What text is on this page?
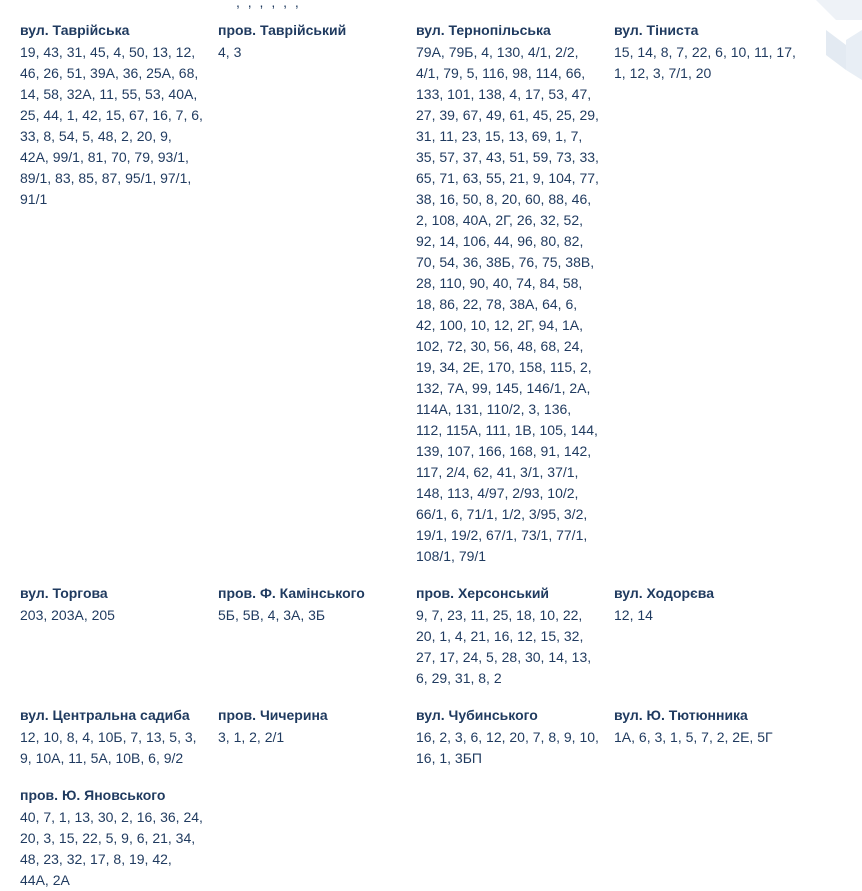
, , , , , ,
вул. Таврійська
19, 43, 31, 45, 4, 50, 13, 12, 46, 26, 51, 39А, 36, 25А, 68, 14, 58, 32А, 11, 55, 53, 40А, 25, 44, 1, 42, 15, 67, 16, 7, 6, 33, 8, 54, 5, 48, 2, 20, 9, 42А, 99/1, 81, 70, 79, 93/1, 89/1, 83, 85, 87, 95/1, 97/1, 91/1
пров. Таврійський
4, 3
вул. Тернопільська
79А, 79Б, 4, 130, 4/1, 2/2, 4/1, 79, 5, 116, 98, 114, 66, 133, 101, 138, 4, 17, 53, 47, 27, 39, 67, 49, 61, 45, 25, 29, 31, 11, 23, 15, 13, 69, 1, 7, 35, 57, 37, 43, 51, 59, 73, 33, 65, 71, 63, 55, 21, 9, 104, 77, 38, 16, 50, 8, 20, 60, 88, 46, 2, 108, 40А, 2Г, 26, 32, 52, 92, 14, 106, 44, 96, 80, 82, 70, 54, 36, 38Б, 76, 75, 38В, 28, 110, 90, 40, 74, 84, 58, 18, 86, 22, 78, 38А, 64, 6, 42, 100, 10, 12, 2Г, 94, 1А, 102, 72, 30, 56, 48, 68, 24, 19, 34, 2Е, 170, 158, 115, 2, 132, 7А, 99, 145, 146/1, 2А, 114А, 131, 110/2, 3, 136, 112, 115А, 111, 1В, 105, 144, 139, 107, 166, 168, 91, 142, 117, 2/4, 62, 41, 3/1, 37/1, 148, 113, 4/97, 2/93, 10/2, 66/1, 6, 71/1, 1/2, 3/95, 3/2, 19/1, 19/2, 67/1, 73/1, 77/1, 108/1, 79/1
вул. Тіниста
15, 14, 8, 7, 22, 6, 10, 11, 17, 1, 12, 3, 7/1, 20
вул. Торгова
203, 203А, 205
пров. Ф. Камінського
5Б, 5В, 4, 3А, 3Б
пров. Херсонський
9, 7, 23, 11, 25, 18, 10, 22, 20, 1, 4, 21, 16, 12, 15, 32, 27, 17, 24, 5, 28, 30, 14, 13, 6, 29, 31, 8, 2
вул. Ходорєва
12, 14
вул. Центральна садиба
12, 10, 8, 4, 10Б, 7, 13, 5, 3, 9, 10А, 11, 5А, 10В, 6, 9/2
пров. Чичерина
3, 1, 2, 2/1
вул. Чубинського
16, 2, 3, 6, 12, 20, 7, 8, 9, 10, 16, 1, 3БП
вул. Ю. Тютюнника
1А, 6, 3, 1, 5, 7, 2, 2Е, 5Г
пров. Ю. Яновського
40, 7, 1, 13, 30, 2, 16, 36, 24, 20, 3, 15, 22, 5, 9, 6, 21, 34, 48, 23, 32, 17, 8, 19, 42, 44А, 2А
